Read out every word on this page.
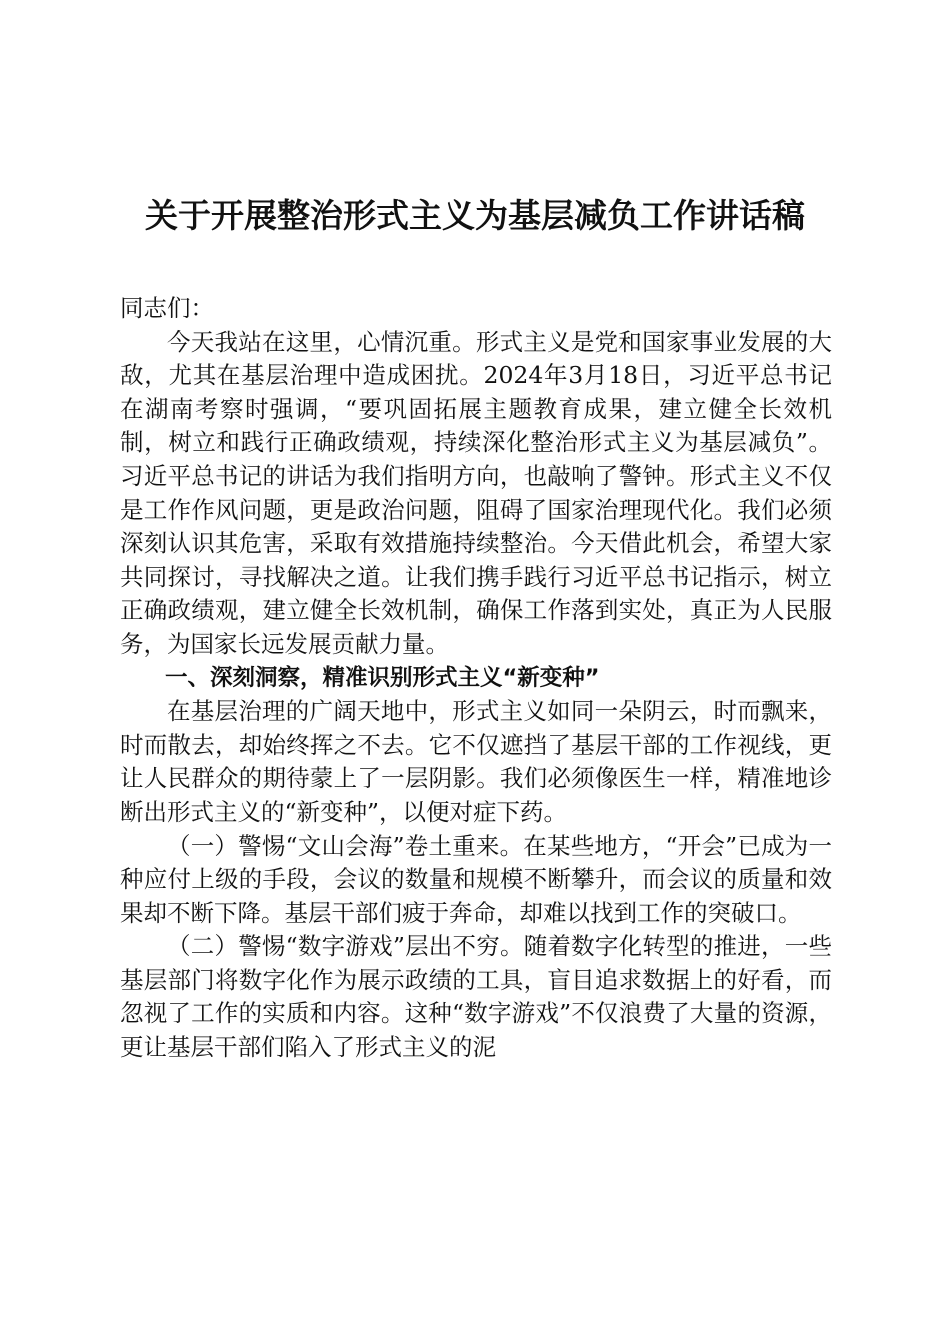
关于开展整治形式主义为基层减负工作讲话稿

同志们：

今天我站在这里，心情沉重。形式主义是党和国家事业发展的大敌，尤其在基层治理中造成困扰。2024年3月18日，习近平总书记在湖南考察时强调，“要巩固拓展主题教育成果，建立健全长效机制，树立和践行正确政绩观，持续深化整治形式主义为基层减负”。习近平总书记的讲话为我们指明方向，也敲响了警钟。形式主义不仅是工作作风问题，更是政治问题，阻碍了国家治理现代化。我们必须深刻认识其危害，采取有效措施持续整治。今天借此机会，希望大家共同探讨，寻找解决之道。让我们携手践行习近平总书记指示，树立正确政绩观，建立健全长效机制，确保工作落到实处，真正为人民服务，为国家长远发展贡献力量。

一、深刻洞察，精准识别形式主义“新变种”

在基层治理的广阔天地中，形式主义如同一朵阴云，时而飘来，时而散去，却始终挥之不去。它不仅遮挡了基层干部的工作视线，更让人民群众的期待蒙上了一层阴影。我们必须像医生一样，精准地诊断出形式主义的“新变种”，以便对症下药。

（一）警惕“文山会海”卷土重来。在某些地方，“开会”已成为一种应付上级的手段，会议的数量和规模不断攀升，而会议的质量和效果却不断下降。基层干部们疲于奔命，却难以找到工作的突破口。

（二）警惕“数字游戏”层出不穷。随着数字化转型的推进，一些基层部门将数字化作为展示政绩的工具，盲目追求数据上的好看，而忽视了工作的实质和内容。这种“数字游戏”不仅浪费了大量的资源，更让基层干部们陷入了形式主义的泥
